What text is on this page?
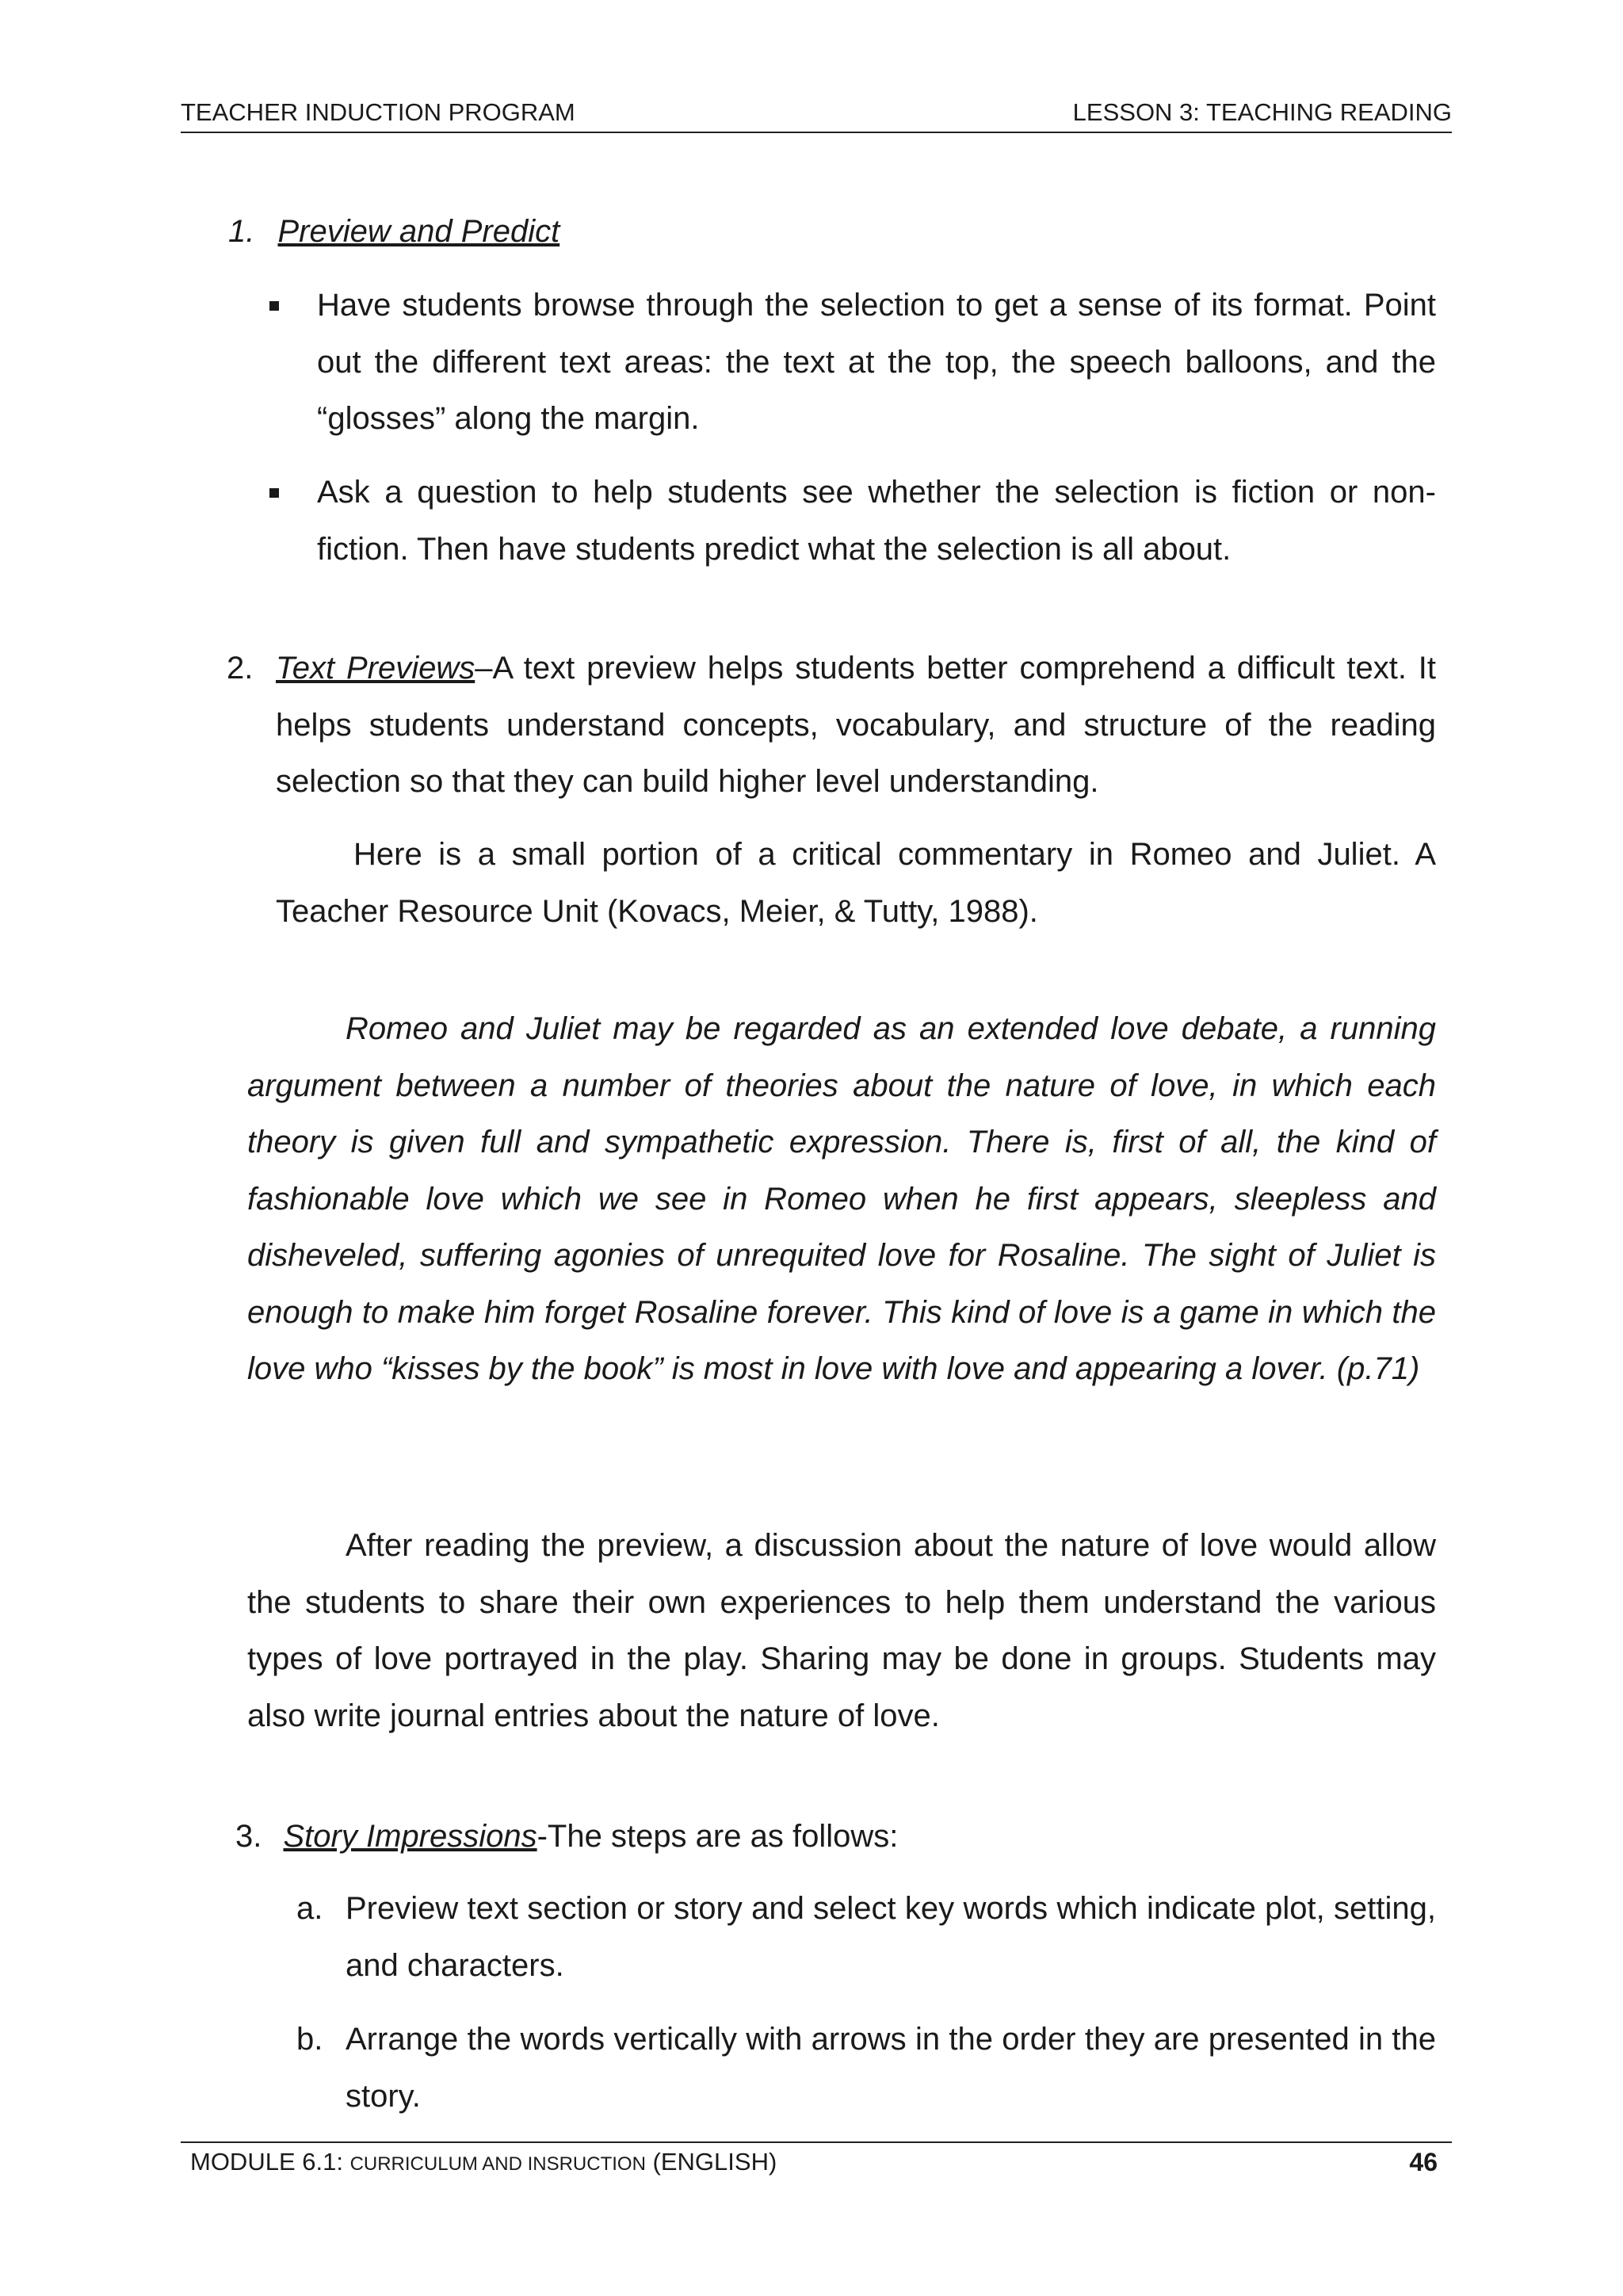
TEACHER INDUCTION PROGRAM	LESSON 3: TEACHING READING
1. Preview and Predict
Have students browse through the selection to get a sense of its format. Point out the different text areas: the text at the top, the speech balloons, and the “glosses” along the margin.
Ask a question to help students see whether the selection is fiction or non-fiction. Then have students predict what the selection is all about.
2. Text Previews–A text preview helps students better comprehend a difficult text. It helps students understand concepts, vocabulary, and structure of the reading selection so that they can build higher level understanding.
Here is a small portion of a critical commentary in Romeo and Juliet. A Teacher Resource Unit (Kovacs, Meier, & Tutty, 1988).
Romeo and Juliet may be regarded as an extended love debate, a running argument between a number of theories about the nature of love, in which each theory is given full and sympathetic expression. There is, first of all, the kind of fashionable love which we see in Romeo when he first appears, sleepless and disheveled, suffering agonies of unrequited love for Rosaline. The sight of Juliet is enough to make him forget Rosaline forever. This kind of love is a game in which the love who “kisses by the book” is most in love with love and appearing a lover. (p.71)
After reading the preview, a discussion about the nature of love would allow the students to share their own experiences to help them understand the various types of love portrayed in the play. Sharing may be done in groups. Students may also write journal entries about the nature of love.
3. Story Impressions-The steps are as follows:
a. Preview text section or story and select key words which indicate plot, setting, and characters.
b. Arrange the words vertically with arrows in the order they are presented in the story.
MODULE 6.1: CURRICULUM AND INSRUCTION (ENGLISH)	46
